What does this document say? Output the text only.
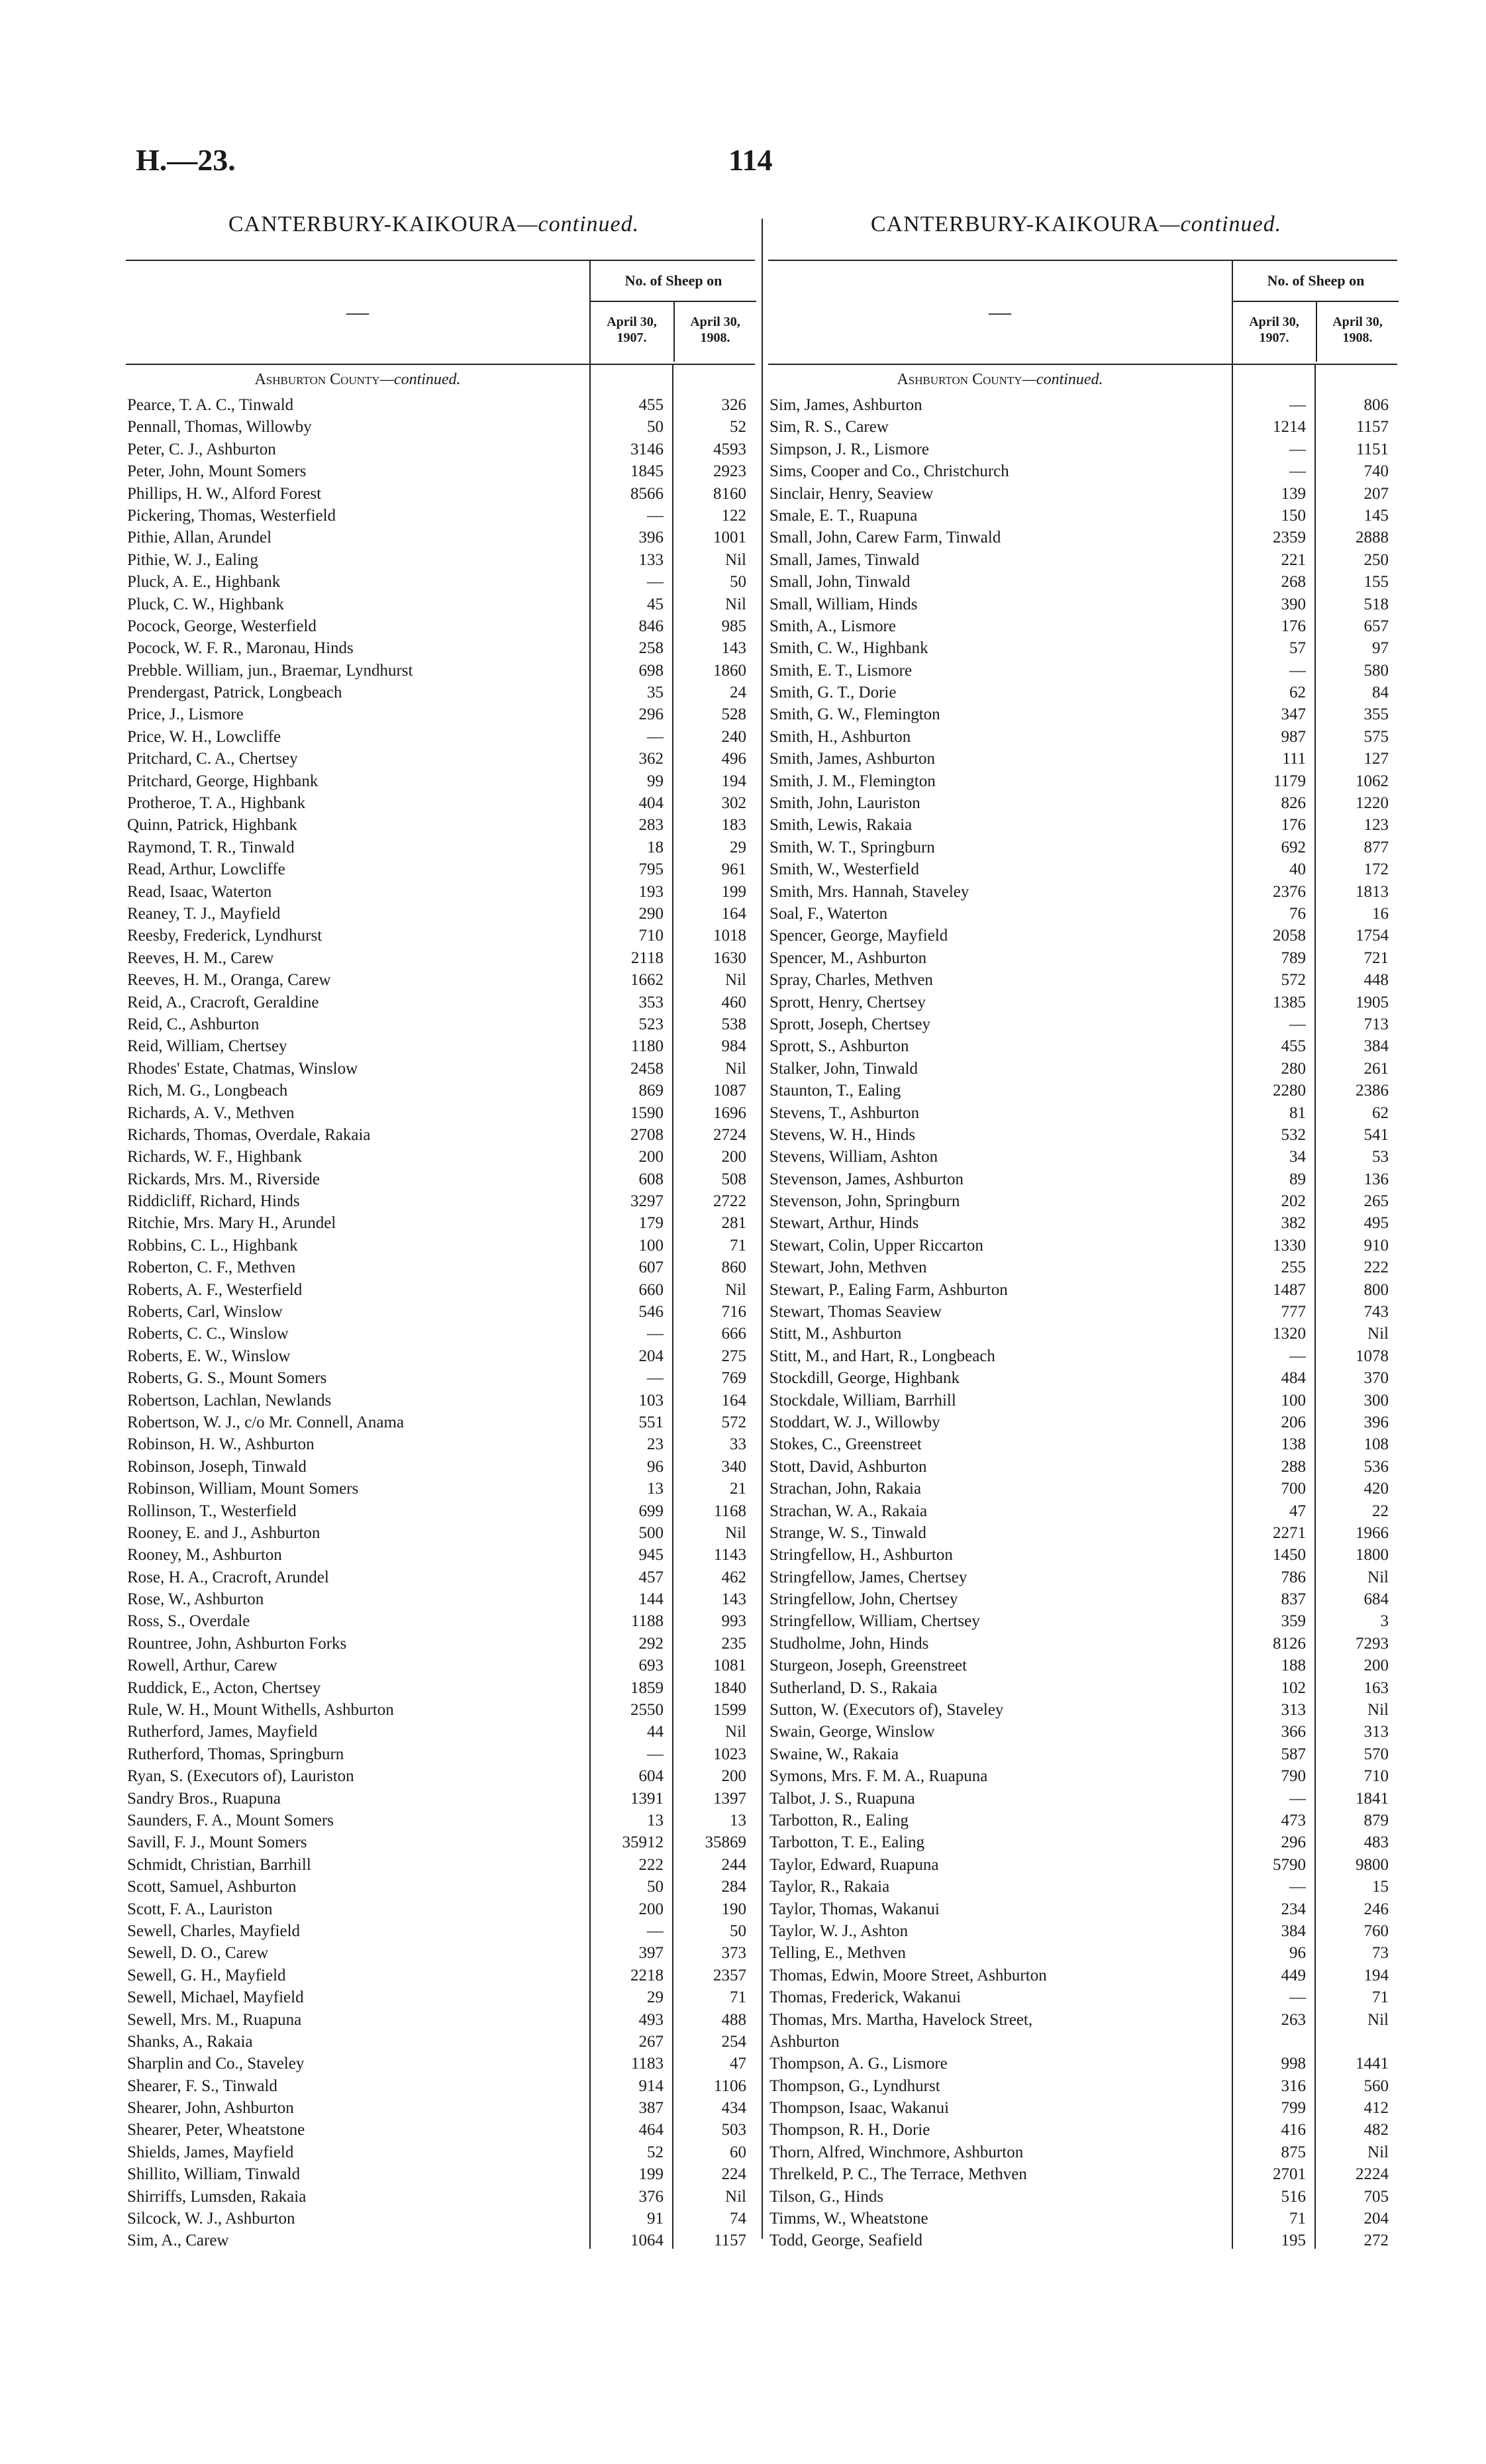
H.—23.	114
CANTERBURY-KAIKOURA—continued.
—
No. of Sheep on
April 30, 1907.
April 30, 1908.
Ashburton County—continued.
Pearce, T. A. C., Tinwald	455	326
Pennall, Thomas, Willowby	50	52
Peter, C. J., Ashburton	3146	4593
Peter, John, Mount Somers	1845	2923
Phillips, H. W., Alford Forest	8566	8160
Pickering, Thomas, Westerfield	—	122
Pithie, Allan, Arundel	396	1001
Pithie, W. J., Ealing	133	Nil
Pluck, A. E., Highbank	—	50
Pluck, C. W., Highbank	45	Nil
Pocock, George, Westerfield	846	985
Pocock, W. F. R., Maronau, Hinds	258	143
Prebble. William, jun., Braemar, Lyndhurst	698	1860
Prendergast, Patrick, Longbeach	35	24
Price, J., Lismore	296	528
Price, W. H., Lowcliffe	—	240
Pritchard, C. A., Chertsey	362	496
Pritchard, George, Highbank	99	194
Protheroe, T. A., Highbank	404	302
Quinn, Patrick, Highbank	283	183
Raymond, T. R., Tinwald	18	29
Read, Arthur, Lowcliffe	795	961
Read, Isaac, Waterton	193	199
Reaney, T. J., Mayfield	290	164
Reesby, Frederick, Lyndhurst	710	1018
Reeves, H. M., Carew	2118	1630
Reeves, H. M., Oranga, Carew	1662	Nil
Reid, A., Cracroft, Geraldine	353	460
Reid, C., Ashburton	523	538
Reid, William, Chertsey	1180	984
Rhodes' Estate, Chatmas, Winslow	2458	Nil
Rich, M. G., Longbeach	869	1087
Richards, A. V., Methven	1590	1696
Richards, Thomas, Overdale, Rakaia	2708	2724
Richards, W. F., Highbank	200	200
Rickards, Mrs. M., Riverside	608	508
Riddicliff, Richard, Hinds	3297	2722
Ritchie, Mrs. Mary H., Arundel	179	281
Robbins, C. L., Highbank	100	71
Roberton, C. F., Methven	607	860
Roberts, A. F., Westerfield	660	Nil
Roberts, Carl, Winslow	546	716
Roberts, C. C., Winslow	—	666
Roberts, E. W., Winslow	204	275
Roberts, G. S., Mount Somers	—	769
Robertson, Lachlan, Newlands	103	164
Robertson, W. J., c/o Mr. Connell, Anama	551	572
Robinson, H. W., Ashburton	23	33
Robinson, Joseph, Tinwald	96	340
Robinson, William, Mount Somers	13	21
Rollinson, T., Westerfield	699	1168
Rooney, E. and J., Ashburton	500	Nil
Rooney, M., Ashburton	945	1143
Rose, H. A., Cracroft, Arundel	457	462
Rose, W., Ashburton	144	143
Ross, S., Overdale	1188	993
Rountree, John, Ashburton Forks	292	235
Rowell, Arthur, Carew	693	1081
Ruddick, E., Acton, Chertsey	1859	1840
Rule, W. H., Mount Withells, Ashburton	2550	1599
Rutherford, James, Mayfield	44	Nil
Rutherford, Thomas, Springburn	—	1023
Ryan, S. (Executors of), Lauriston	604	200
Sandry Bros., Ruapuna	1391	1397
Saunders, F. A., Mount Somers	13	13
Savill, F. J., Mount Somers	35912	35869
Schmidt, Christian, Barrhill	222	244
Scott, Samuel, Ashburton	50	284
Scott, F. A., Lauriston	200	190
Sewell, Charles, Mayfield	—	50
Sewell, D. O., Carew	397	373
Sewell, G. H., Mayfield	2218	2357
Sewell, Michael, Mayfield	29	71
Sewell, Mrs. M., Ruapuna	493	488
Shanks, A., Rakaia	267	254
Sharplin and Co., Staveley	1183	47
Shearer, F. S., Tinwald	914	1106
Shearer, John, Ashburton	387	434
Shearer, Peter, Wheatstone	464	503
Shields, James, Mayfield	52	60
Shillito, William, Tinwald	199	224
Shirriffs, Lumsden, Rakaia	376	Nil
Silcock, W. J., Ashburton	91	74
Sim, A., Carew	1064	1157
CANTERBURY-KAIKOURA—continued.
—
No. of Sheep on
April 30, 1907.
April 30, 1908.
Ashburton County—continued.
Sim, James, Ashburton	—	806
Sim, R. S., Carew	1214	1157
Simpson, J. R., Lismore	—	1151
Sims, Cooper and Co., Christchurch	—	740
Sinclair, Henry, Seaview	139	207
Smale, E. T., Ruapuna	150	145
Small, John, Carew Farm, Tinwald	2359	2888
Small, James, Tinwald	221	250
Small, John, Tinwald	268	155
Small, William, Hinds	390	518
Smith, A., Lismore	176	657
Smith, C. W., Highbank	57	97
Smith, E. T., Lismore	—	580
Smith, G. T., Dorie	62	84
Smith, G. W., Flemington	347	355
Smith, H., Ashburton	987	575
Smith, James, Ashburton	111	127
Smith, J. M., Flemington	1179	1062
Smith, John, Lauriston	826	1220
Smith, Lewis, Rakaia	176	123
Smith, W. T., Springburn	692	877
Smith, W., Westerfield	40	172
Smith, Mrs. Hannah, Staveley	2376	1813
Soal, F., Waterton	76	16
Spencer, George, Mayfield	2058	1754
Spencer, M., Ashburton	789	721
Spray, Charles, Methven	572	448
Sprott, Henry, Chertsey	1385	1905
Sprott, Joseph, Chertsey	—	713
Sprott, S., Ashburton	455	384
Stalker, John, Tinwald	280	261
Staunton, T., Ealing	2280	2386
Stevens, T., Ashburton	81	62
Stevens, W. H., Hinds	532	541
Stevens, William, Ashton	34	53
Stevenson, James, Ashburton	89	136
Stevenson, John, Springburn	202	265
Stewart, Arthur, Hinds	382	495
Stewart, Colin, Upper Riccarton	1330	910
Stewart, John, Methven	255	222
Stewart, P., Ealing Farm, Ashburton	1487	800
Stewart, Thomas Seaview	777	743
Stitt, M., Ashburton	1320	Nil
Stitt, M., and Hart, R., Longbeach	—	1078
Stockdill, George, Highbank	484	370
Stockdale, William, Barrhill	100	300
Stoddart, W. J., Willowby	206	396
Stokes, C., Greenstreet	138	108
Stott, David, Ashburton	288	536
Strachan, John, Rakaia	700	420
Strachan, W. A., Rakaia	47	22
Strange, W. S., Tinwald	2271	1966
Stringfellow, H., Ashburton	1450	1800
Stringfellow, James, Chertsey	786	Nil
Stringfellow, John, Chertsey	837	684
Stringfellow, William, Chertsey	359	3
Studholme, John, Hinds	8126	7293
Sturgeon, Joseph, Greenstreet	188	200
Sutherland, D. S., Rakaia	102	163
Sutton, W. (Executors of), Staveley	313	Nil
Swain, George, Winslow	366	313
Swaine, W., Rakaia	587	570
Symons, Mrs. F. M. A., Ruapuna	790	710
Talbot, J. S., Ruapuna	—	1841
Tarbotton, R., Ealing	473	879
Tarbotton, T. E., Ealing	296	483
Taylor, Edward, Ruapuna	5790	9800
Taylor, R., Rakaia	—	15
Taylor, Thomas, Wakanui	234	246
Taylor, W. J., Ashton	384	760
Telling, E., Methven	96	73
Thomas, Edwin, Moore Street, Ashburton	449	194
Thomas, Frederick, Wakanui	—	71
Thomas, Mrs. Martha, Havelock Street,	263	Nil
Ashburton
Thompson, A. G., Lismore	998	1441
Thompson, G., Lyndhurst	316	560
Thompson, Isaac, Wakanui	799	412
Thompson, R. H., Dorie	416	482
Thorn, Alfred, Winchmore, Ashburton	875	Nil
Threlkeld, P. C., The Terrace, Methven	2701	2224
Tilson, G., Hinds	516	705
Timms, W., Wheatstone	71	204
Todd, George, Seafield	195	272
